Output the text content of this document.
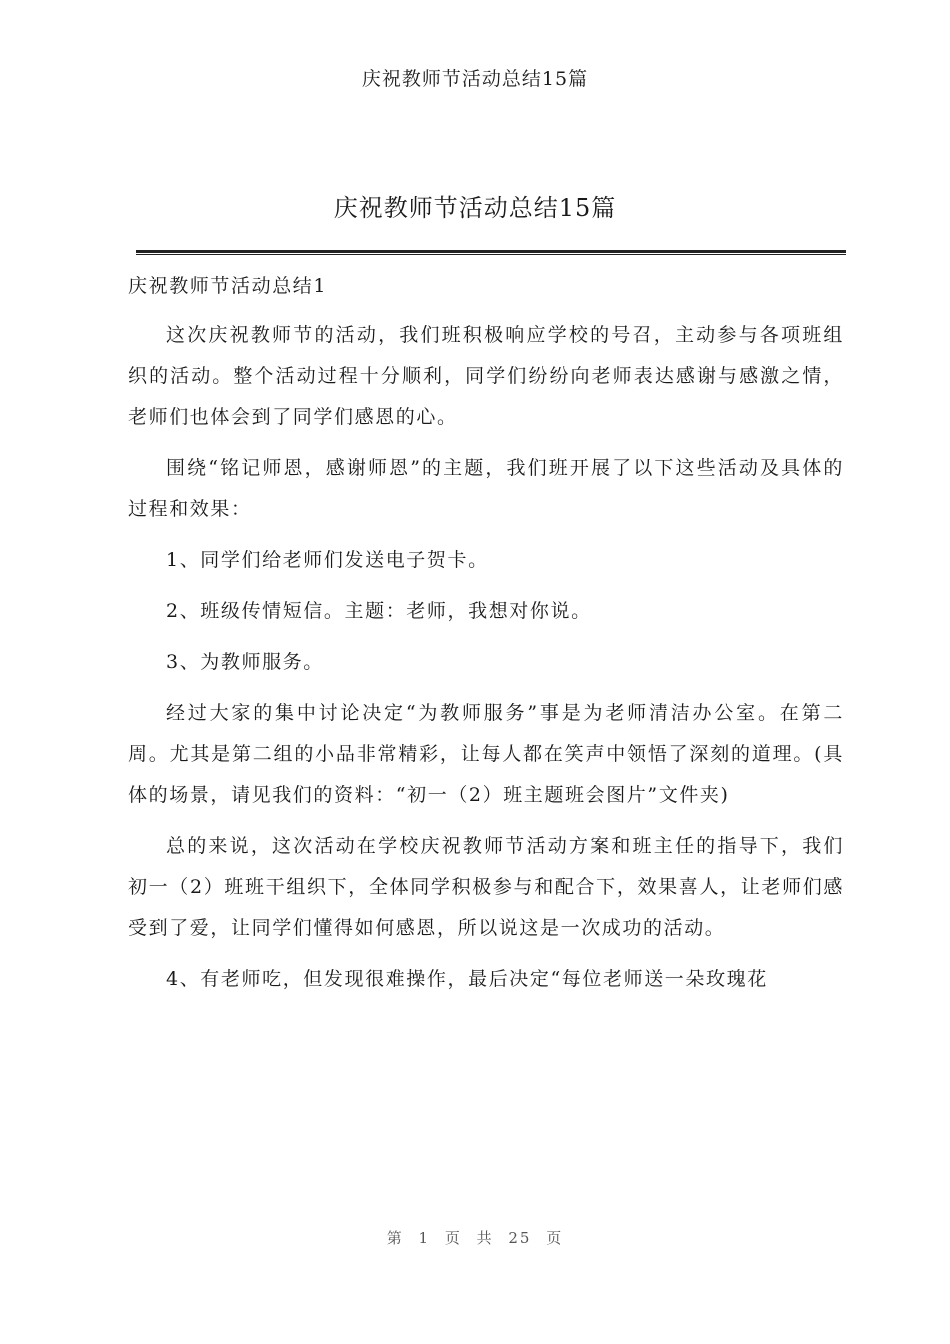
庆祝教师节活动总结15篇
庆祝教师节活动总结15篇

庆祝教师节活动总结1

这次庆祝教师节的活动，我们班积极响应学校的号召，主动参与各项班组织的活动。整个活动过程十分顺利，同学们纷纷向老师表达感谢与感激之情，老师们也体会到了同学们感恩的心。

围绕“铭记师恩，感谢师恩”的主题，我们班开展了以下这些活动及具体的过程和效果：

1、同学们给老师们发送电子贺卡。

2、班级传情短信。主题：老师，我想对你说。

3、为教师服务。

经过大家的集中讨论决定“为教师服务”事是为老师清洁办公室。在第二周。尤其是第二组的小品非常精彩，让每人都在笑声中领悟了深刻的道理。(具体的场景，请见我们的资料：“初一（2）班主题班会图片”文件夹)

总的来说，这次活动在学校庆祝教师节活动方案和班主任的指导下，我们初一（2）班班干组织下，全体同学积极参与和配合下，效果喜人，让老师们感受到了爱，让同学们懂得如何感恩，所以说这是一次成功的活动。

4、有老师吃，但发现很难操作，最后决定“每位老师送一朵玫瑰花

第 1 页 共 25 页
